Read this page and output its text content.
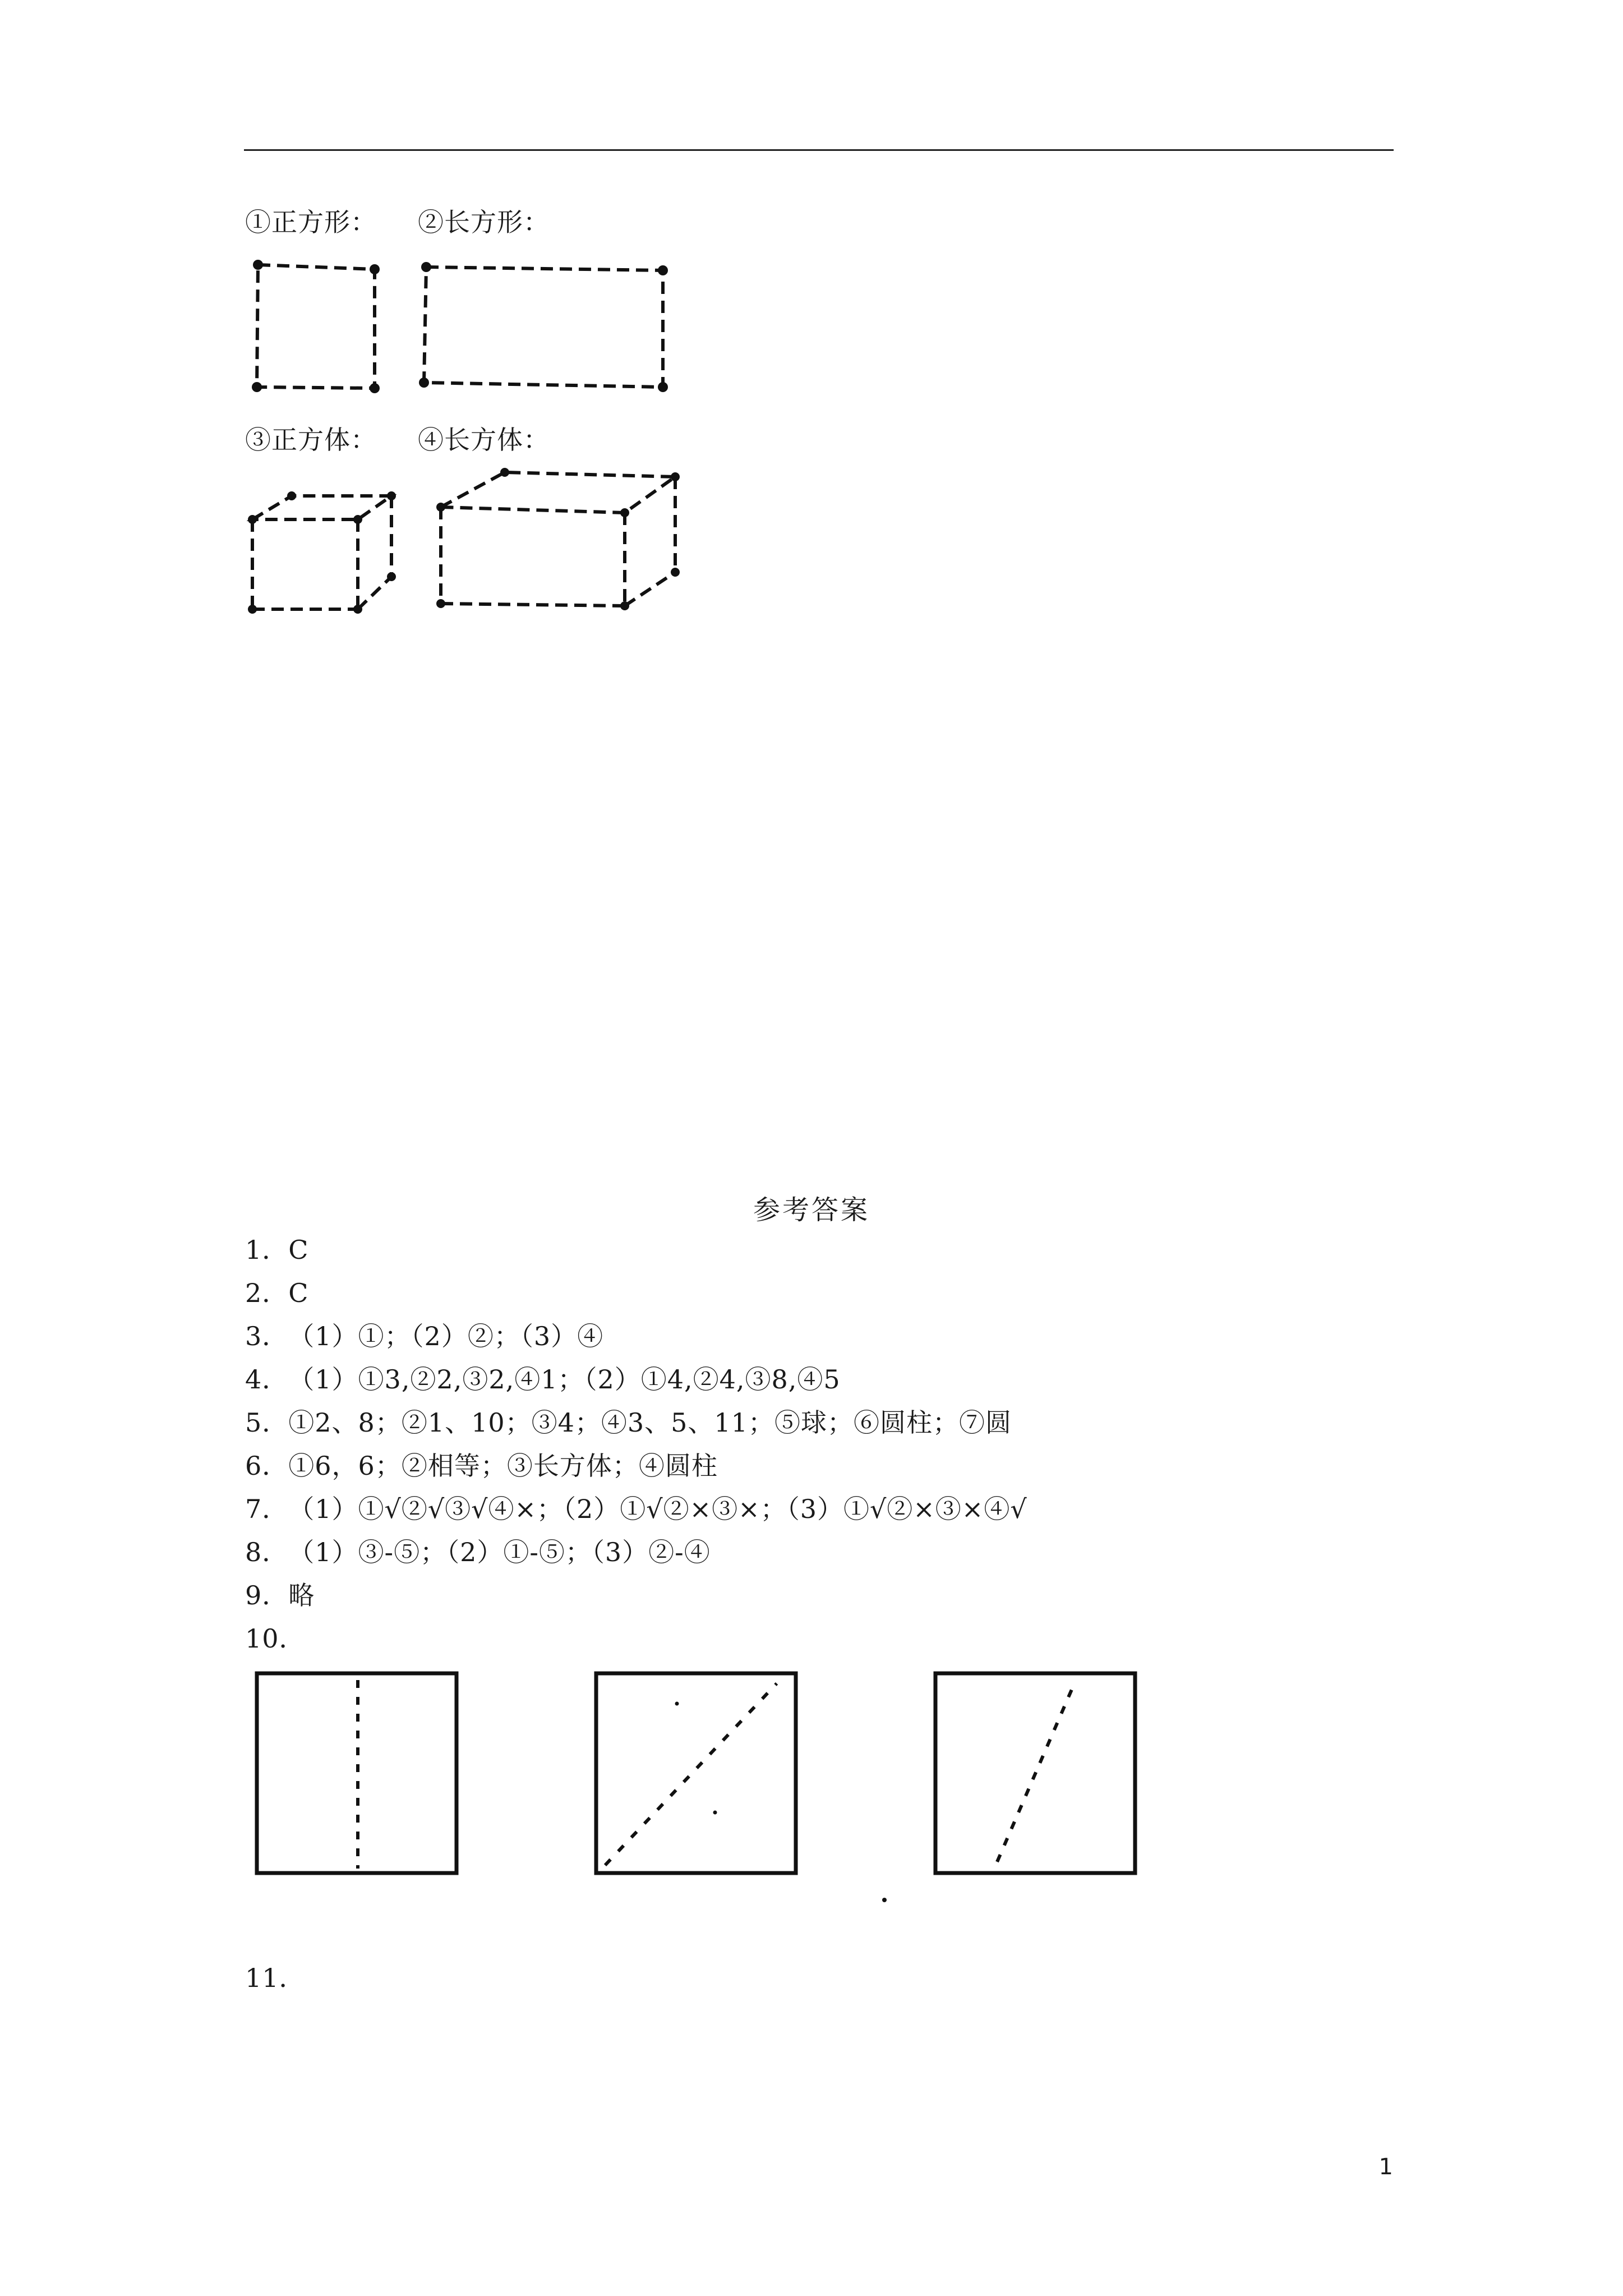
①正方形： ②长方形：
③正方体： ④长方体：
参考答案
1．C
2．C
3．（1）①；（2）②；（3）④
4．（1）①3,②2,③2,④1；（2）①4,②4,③8,④5
5．①2、8；②1、10；③4；④3、5、11；⑤球；⑥圆柱；⑦圆
6．①6，6；②相等；③长方体；④圆柱
7．（1）①√②√③√④×；（2）①√②×③×；（3）①√②×③×④√
8．（1）③-⑤；（2）①-⑤；（3）②-④
9．略
10．
11．
1
